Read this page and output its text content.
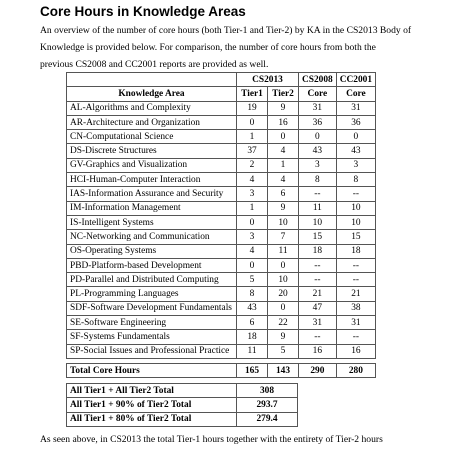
Core Hours in Knowledge Areas
An overview of the number of core hours (both Tier-1 and Tier-2) by KA in the CS2013 Body of
Knowledge is provided below. For comparison, the number of core hours from both the
previous CS2008 and CC2001 reports are provided as well.
	CS2013		CS2008	CC2001
Knowledge Area	Tier1	Tier2	Core	Core
AL-Algorithms and Complexity	19	9	31	31
AR-Architecture and Organization	0	16	36	36
CN-Computational Science	1	0	0	0
DS-Discrete Structures	37	4	43	43
GV-Graphics and Visualization	2	1	3	3
HCI-Human-Computer Interaction	4	4	8	8
IAS-Information Assurance and Security	3	6	--	--
IM-Information Management	1	9	11	10
IS-Intelligent Systems	0	10	10	10
NC-Networking and Communication	3	7	15	15
OS-Operating Systems	4	11	18	18
PBD-Platform-based Development	0	0	--	--
PD-Parallel and Distributed Computing	5	10	--	--
PL-Programming Languages	8	20	21	21
SDF-Software Development Fundamentals	43	0	47	38
SE-Software Engineering	6	22	31	31
SF-Systems Fundamentals	18	9	--	--
SP-Social Issues and Professional Practice	11	5	16	16

Total Core Hours	165	143	290	280
All Tier1 + All Tier2 Total	308
All Tier1 + 90% of Tier2 Total	293.7
All Tier1 + 80% of Tier2 Total	279.4
As seen above, in CS2013 the total Tier-1 hours together with the entirety of Tier-2 hours
